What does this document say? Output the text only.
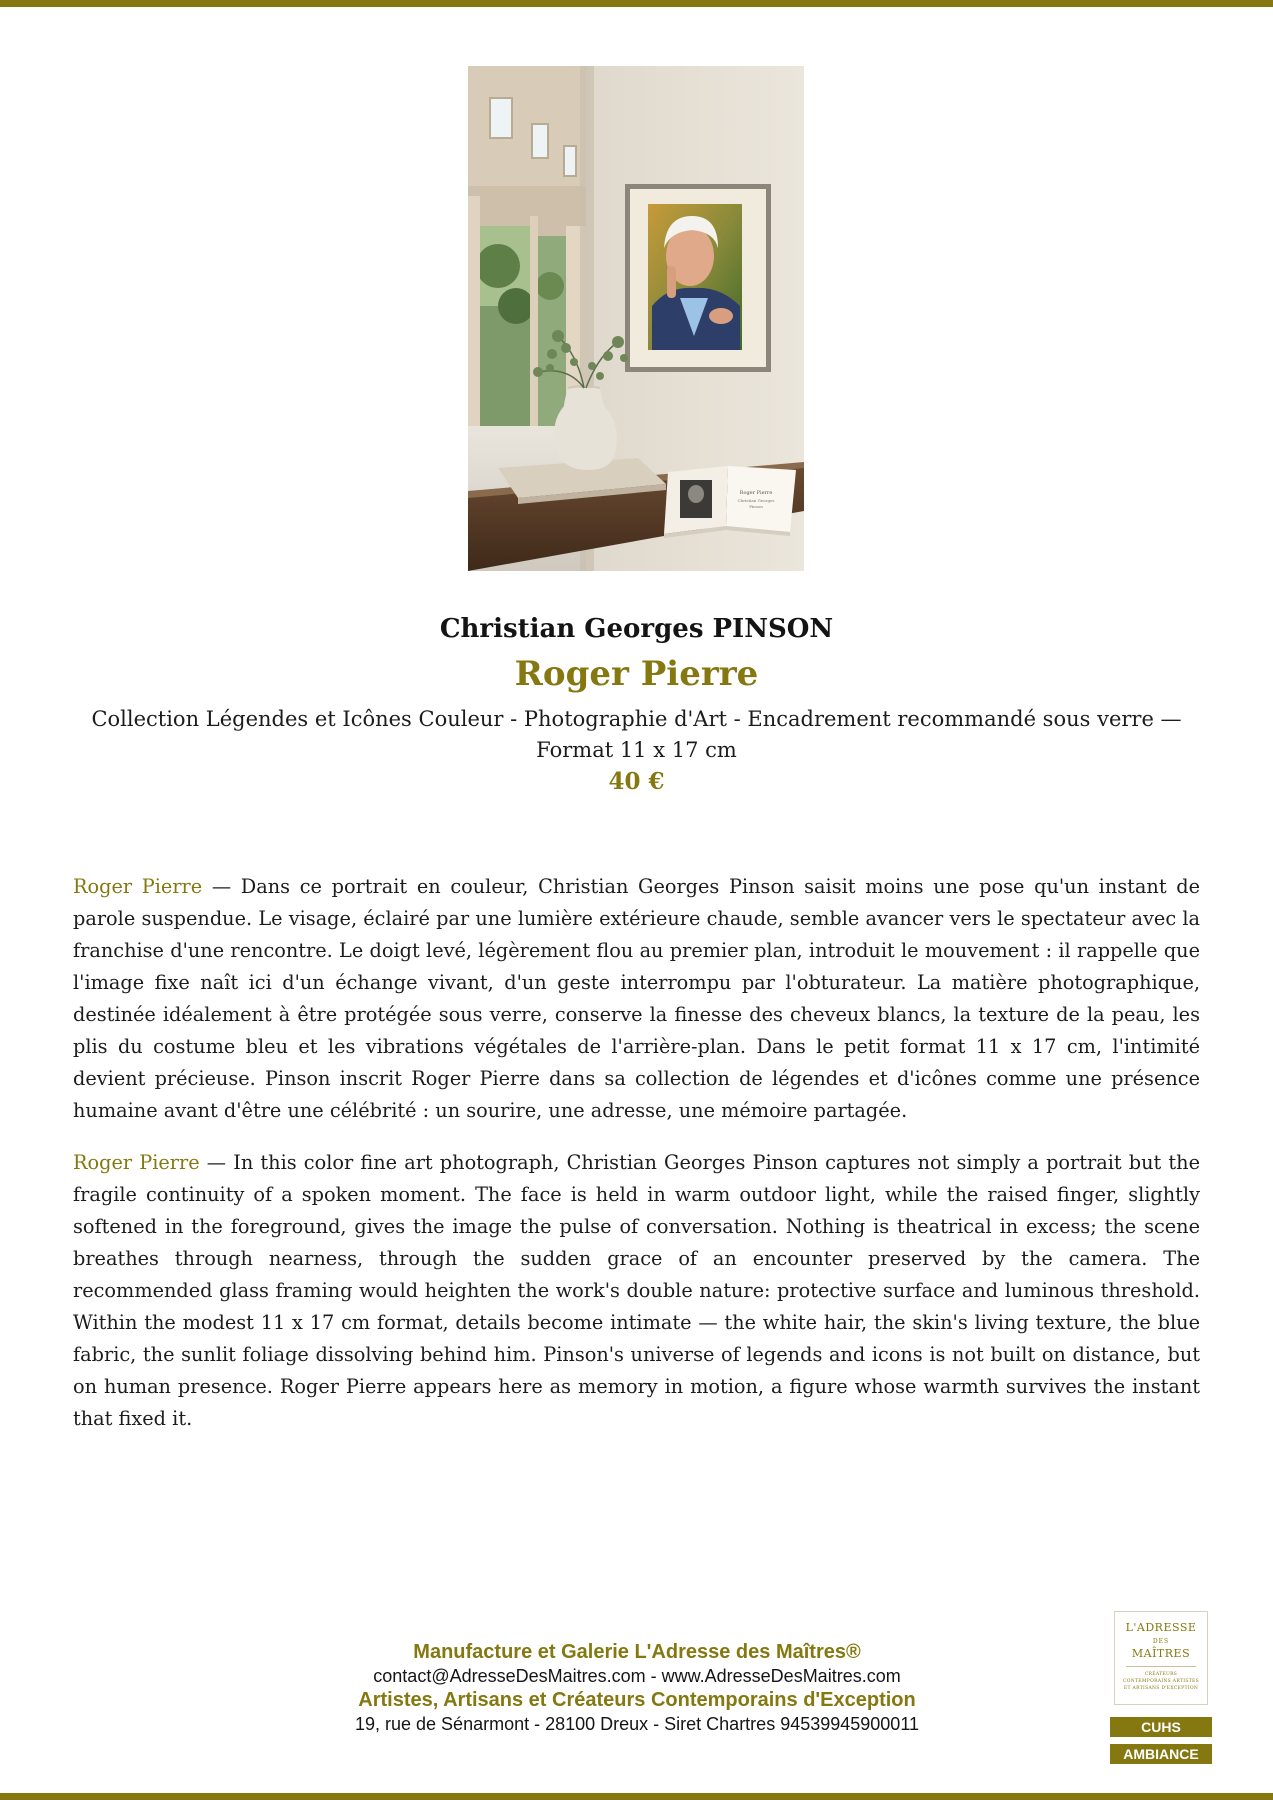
Roger Pierre
Christian Georges
Pinson
Christian Georges PINSON
Roger Pierre
Collection Légendes et Icônes Couleur - Photographie d'Art - Encadrement recommandé sous verre — Format 11 x 17 cm
40 €

Roger Pierre — Dans ce portrait en couleur, Christian Georges Pinson saisit moins une pose qu'un instant de parole suspendue. Le visage, éclairé par une lumière extérieure chaude, semble avancer vers le spectateur avec la franchise d'une rencontre. Le doigt levé, légèrement flou au premier plan, introduit le mouvement : il rappelle que l'image fixe naît ici d'un échange vivant, d'un geste interrompu par l'obturateur. La matière photographique, destinée idéalement à être protégée sous verre, conserve la finesse des cheveux blancs, la texture de la peau, les plis du costume bleu et les vibrations végétales de l'arrière-plan. Dans le petit format 11 x 17 cm, l'intimité devient précieuse. Pinson inscrit Roger Pierre dans sa collection de légendes et d'icônes comme une présence humaine avant d'être une célébrité : un sourire, une adresse, une mémoire partagée.

Roger Pierre — In this color fine art photograph, Christian Georges Pinson captures not simply a portrait but the fragile continuity of a spoken moment. The face is held in warm outdoor light, while the raised finger, slightly softened in the foreground, gives the image the pulse of conversation. Nothing is theatrical in excess; the scene breathes through nearness, through the sudden grace of an encounter preserved by the camera. The recommended glass framing would heighten the work's double nature: protective surface and luminous threshold. Within the modest 11 x 17 cm format, details become intimate — the white hair, the skin's living texture, the blue fabric, the sunlit foliage dissolving behind him. Pinson's universe of legends and icons is not built on distance, but on human presence. Roger Pierre appears here as memory in motion, a figure whose warmth survives the instant that fixed it.

Manufacture et Galerie L'Adresse des Maîtres®
contact@AdresseDesMaitres.com - www.AdresseDesMaitres.com
Artistes, Artisans et Créateurs Contemporains d'Exception
19, rue de Sénarmont - 28100 Dreux - Siret Chartres 94539945900011
L'ADRESSE
DES
MAÎTRES
CRÉATEURS CONTEMPORAINS ARTISTES ET ARTISANS D'EXCEPTION
CUHS
AMBIANCE
